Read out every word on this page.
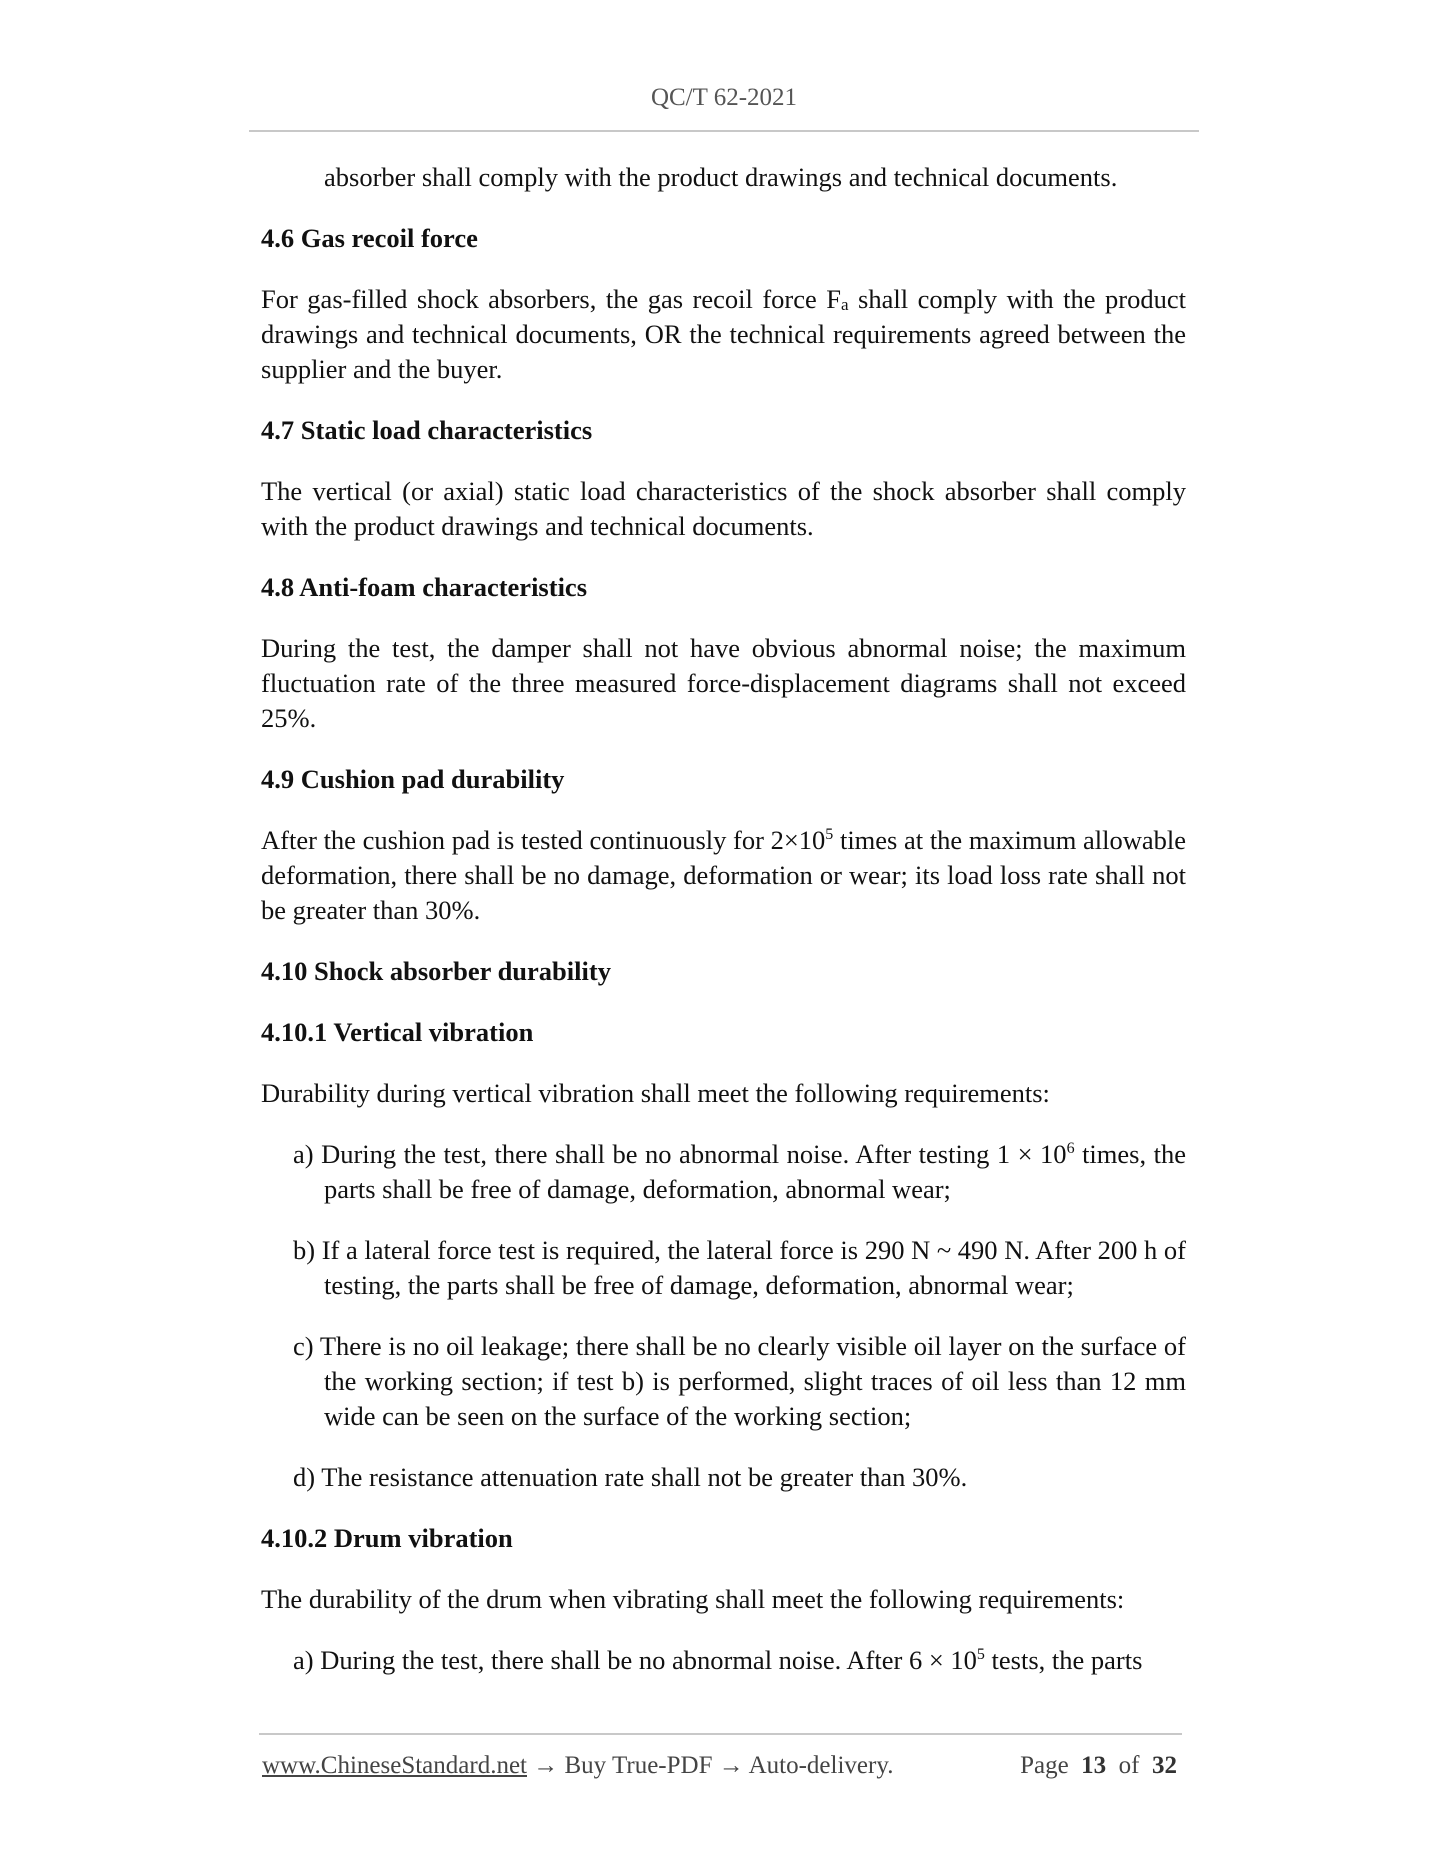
QC/T 62-2021

absorber shall comply with the product drawings and technical documents.

4.6 Gas recoil force

For gas-filled shock absorbers, the gas recoil force $F_a$ shall comply with the product drawings and technical documents, OR the technical requirements agreed between the supplier and the buyer.

4.7 Static load characteristics

The vertical (or axial) static load characteristics of the shock absorber shall comply with the product drawings and technical documents.

4.8 Anti-foam characteristics

During the test, the damper shall not have obvious abnormal noise; the maximum fluctuation rate of the three measured force-displacement diagrams shall not exceed 25%.

4.9 Cushion pad durability

After the cushion pad is tested continuously for $2\times 10^5$ times at the maximum allowable deformation, there shall be no damage, deformation or wear; its load loss rate shall not be greater than 30%.

4.10 Shock absorber durability
4.10.1 Vertical vibration

Durability during vertical vibration shall meet the following requirements:

a) During the test, there shall be no abnormal noise. After testing $1 \times 10^6$ times, the parts shall be free of damage, deformation, abnormal wear;

b) If a lateral force test is required, the lateral force is 290 N ~ 490 N. After 200 h of testing, the parts shall be free of damage, deformation, abnormal wear;

c) There is no oil leakage; there shall be no clearly visible oil layer on the surface of the working section; if test b) is performed, slight traces of oil less than 12 mm wide can be seen on the surface of the working section;

d) The resistance attenuation rate shall not be greater than 30%.

4.10.2 Drum vibration

The durability of the drum when vibrating shall meet the following requirements:

a) During the test, there shall be no abnormal noise. After $6 \times 10^5$ tests, the parts

www.ChineseStandard.net → Buy True-PDF → Auto-delivery.	Page 13 of 32
